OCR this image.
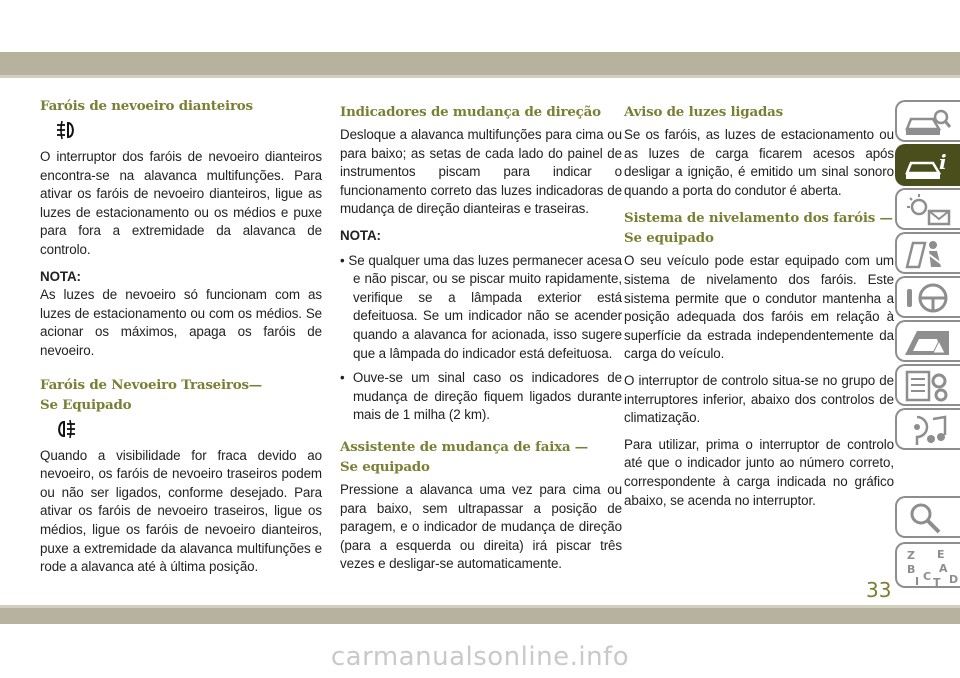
Faróis de nevoeiro dianteiros

O interruptor dos faróis de nevoeiro dianteiros encontra-se na alavanca multifunções. Para ativar os faróis de nevoeiro dianteiros, ligue as luzes de estacionamento ou os médios e puxe para fora a extremidade da alavanca de controlo.

NOTA:

As luzes de nevoeiro só funcionam com as luzes de estacionamento ou com os médios. Se acionar os máximos, apaga os faróis de nevoeiro.

Faróis de Nevoeiro Traseiros—
Se Equipado

Quando a visibilidade for fraca devido ao nevoeiro, os faróis de nevoeiro traseiros podem ou não ser ligados, conforme desejado. Para ativar os faróis de nevoeiro traseiros, ligue os médios, ligue os faróis de nevoeiro dianteiros, puxe a extremidade da alavanca multifunções e rode a alavanca até à última posição.

Indicadores de mudança de direção

Desloque a alavanca multifunções para cima ou para baixo; as setas de cada lado do painel de instrumentos piscam para indicar o funcionamento correto das luzes indicadoras de mudança de direção dianteiras e traseiras.

NOTA:
• Se qualquer uma das luzes permanecer acesa e não piscar, ou se piscar muito rapidamente, verifique se a lâmpada exterior está defeituosa. Se um indicador não se acender quando a alavanca for acionada, isso sugere que a lâmpada do indicador está defeituosa.
• Ouve-se um sinal caso os indicadores de mudança de direção fiquem ligados durante mais de 1 milha (2 km).
Assistente de mudança de faixa —
Se equipado

Pressione a alavanca uma vez para cima ou para baixo, sem ultrapassar a posição de paragem, e o indicador de mudança de direção (para a esquerda ou direita) irá piscar três vezes e desligar-se automaticamente.

Aviso de luzes ligadas

Se os faróis, as luzes de estacionamento ou as luzes de carga ficarem acesos após desligar a ignição, é emitido um sinal sonoro quando a porta do condutor é aberta.

Sistema de nivelamento dos faróis —
Se equipado

O seu veículo pode estar equipado com um sistema de nivelamento dos faróis. Este sistema permite que o condutor mantenha a posição adequada dos faróis em relação à superfície da estrada independentemente da carga do veículo.

O interruptor de controlo situa-se no grupo de interruptores inferior, abaixo dos controlos de climatização.

Para utilizar, prima o interruptor de controlo até que o indicador junto ao número correto, correspondente à carga indicada no gráfico abaixo, se acenda no interruptor.

i
Z E
B A
I C D
T
33
carmanualsonline.info
